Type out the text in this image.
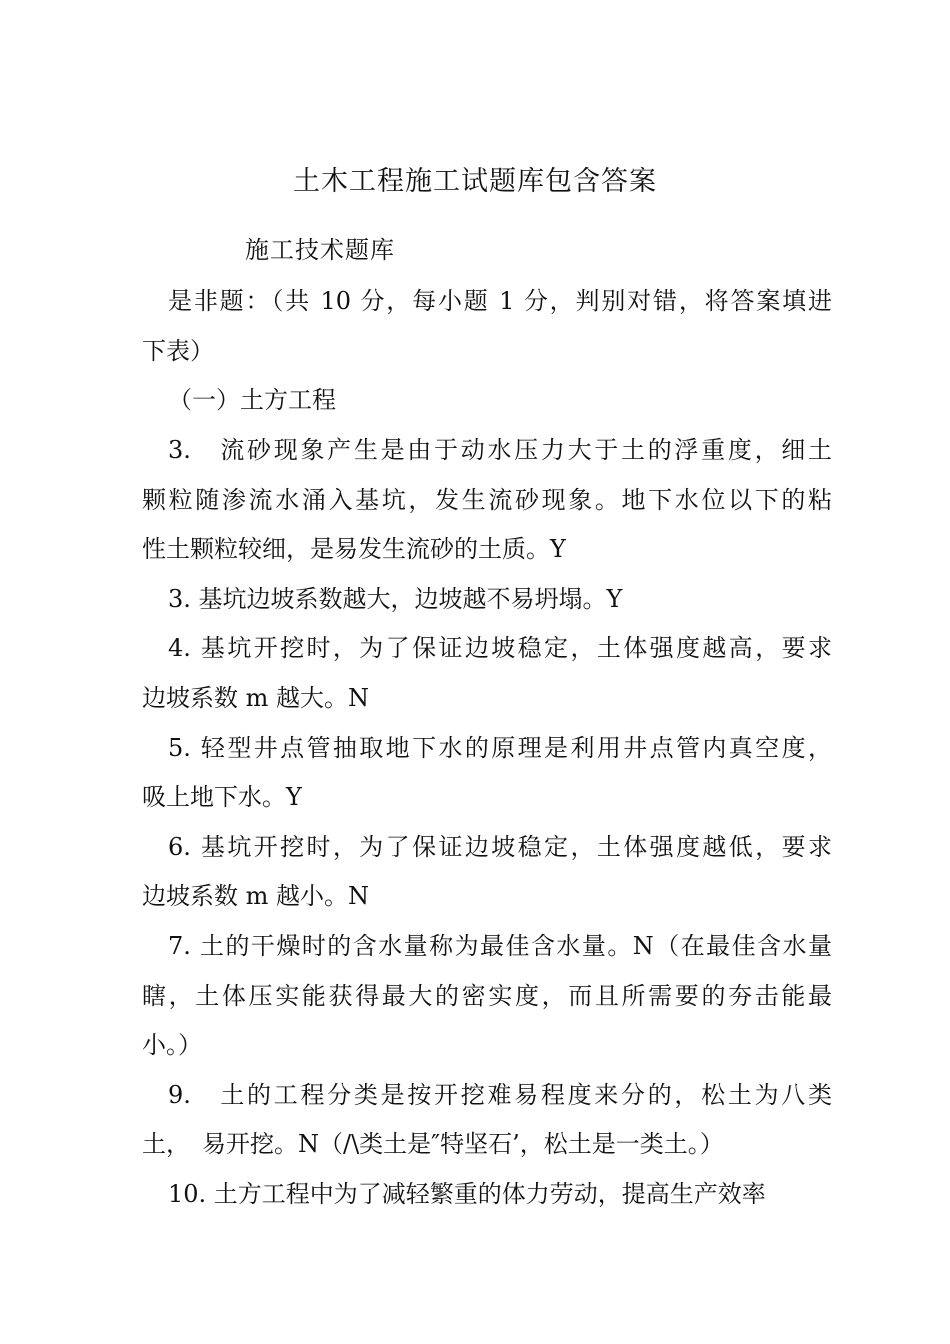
土木工程施工试题库包含答案
施工技术题库
是非题：（共 10 分，每小题 1 分，判别对错，将答案填进
下表）
（一）土方工程
3.　流砂现象产生是由于动水压力大于土的浮重度，细土
颗粒随渗流水涌入基坑，发生流砂现象。地下水位以下的粘
性土颗粒较细，是易发生流砂的土质。Y
3. 基坑边坡系数越大，边坡越不易坍塌。Y
4. 基坑开挖时，为了保证边坡稳定，土体强度越高，要求
边坡系数 m 越大。N
5. 轻型井点管抽取地下水的原理是利用井点管内真空度，
吸上地下水。Y
6. 基坑开挖时，为了保证边坡稳定，土体强度越低，要求
边坡系数 m 越小。N
7. 土的干燥时的含水量称为最佳含水量。N（在最佳含水量
瞎，土体压实能获得最大的密实度，而且所需要的夯击能最
小。）
9.　土的工程分类是按开挖难易程度来分的，松土为八类
土，　易开挖。N（/\类土是″特坚石’，松土是一类土。）
10. 土方工程中为了减轻繁重的体力劳动，提高生产效率
